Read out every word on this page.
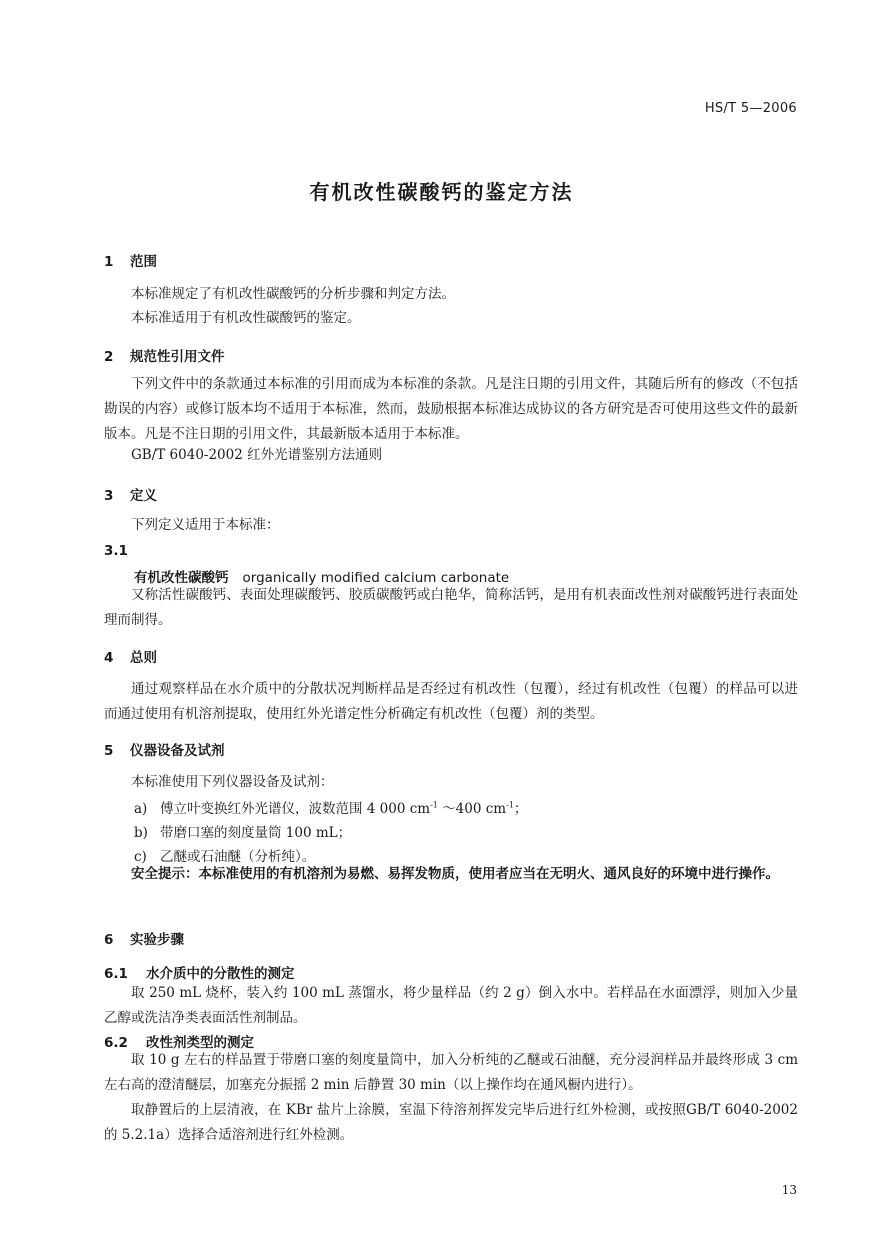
HS/T 5—2006
有机改性碳酸钙的鉴定方法
1 范围
本标准规定了有机改性碳酸钙的分析步骤和判定方法。
本标准适用于有机改性碳酸钙的鉴定。
2 规范性引用文件
下列文件中的条款通过本标准的引用而成为本标准的条款。凡是注日期的引用文件，其随后所有的修改（不包括勘误的内容）或修订版本均不适用于本标准，然而，鼓励根据本标准达成协议的各方研究是否可使用这些文件的最新版本。凡是不注日期的引用文件，其最新版本适用于本标准。
GB/T 6040-2002 红外光谱鉴别方法通则
3 定义
下列定义适用于本标准：
3.1
有机改性碳酸钙 organically modified calcium carbonate
又称活性碳酸钙、表面处理碳酸钙、胶质碳酸钙或白艳华，简称活钙，是用有机表面改性剂对碳酸钙进行表面处理而制得。
4 总则
通过观察样品在水介质中的分散状况判断样品是否经过有机改性（包覆），经过有机改性（包覆）的样品可以进而通过使用有机溶剂提取，使用红外光谱定性分析确定有机改性（包覆）剂的类型。
5 仪器设备及试剂
本标准使用下列仪器设备及试剂：
a) 傅立叶变换红外光谱仪，波数范围 4 000 $cm^{-1}$ ～400 $cm^{-1}$；
b) 带磨口塞的刻度量筒 100 mL；
c) 乙醚或石油醚（分析纯）。
安全提示：本标准使用的有机溶剂为易燃、易挥发物质，使用者应当在无明火、通风良好的环境中进行操作。
6 实验步骤
6.1 水介质中的分散性的测定
取 250 mL 烧杯，装入约 100 mL 蒸馏水，将少量样品（约 2 g）倒入水中。若样品在水面漂浮，则加入少量乙醇或洗洁净类表面活性剂制品。
6.2 改性剂类型的测定
取 10 g 左右的样品置于带磨口塞的刻度量筒中，加入分析纯的乙醚或石油醚，充分浸润样品并最终形成 3 cm 左右高的澄清醚层，加塞充分振摇 2 min 后静置 30 min（以上操作均在通风橱内进行）。
取静置后的上层清液，在 KBr 盐片上涂膜，室温下待溶剂挥发完毕后进行红外检测，或按照GB/T 6040-2002 的 5.2.1a）选择合适溶剂进行红外检测。
13
